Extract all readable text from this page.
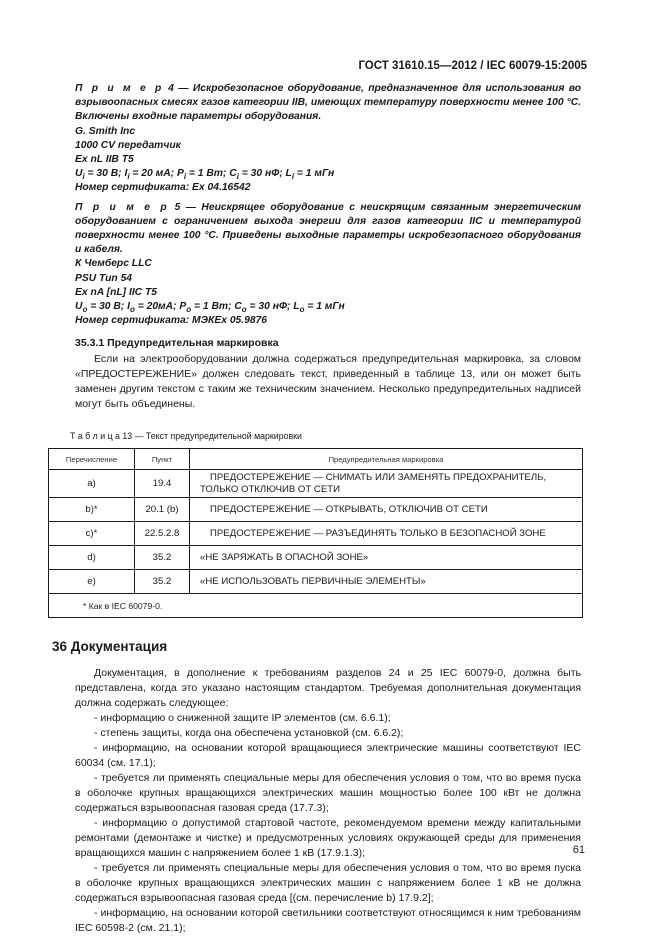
ГОСТ 31610.15—2012 / IEC 60079-15:2005

П р и м е р 4 — Искробезопасное оборудование, предназначенное для использования во взрывоопасных смесях газов категории IIB, имеющих температуру поверхности менее 100 °С. Включены входные параметры оборудования.

G. Smith Inc

1000 CV передатчик

Ex nL IIB T5

$U_i = 30$ В; $I_i = 20$ мА; $P_i = 1$ Вт; $C_i = 30$ нФ; $L_i = 1$ мГн

Номер сертификата: Ex 04.16542

П р и м е р 5 — Неискрящее оборудование с неискрящим связанным энергетическим оборудованием с ограничением выхода энергии для газов категории IIC и температурой поверхности менее 100 °С. Приведены выходные параметры искробезопасного оборудования и кабеля.

К Чемберс LLC

PSU Tun 54

Ex nA [nL] IIC T5

$U_o = 30$ В; $I_o = 20мА$; $P_o = 1$ Вт; $C_o = 30$ нФ; $L_o = 1$ мГн

Номер сертификата: МЭКЕх 05.9876

35.3.1 Предупредительная маркировка

Если на электрооборудовании должна содержаться предупредительная маркировка, за словом «ПРЕДОСТЕРЕЖЕНИЕ» должен следовать текст, приведенный в таблице 13, или он может быть заменен другим текстом с таким же техническим значением. Несколько предупредительных надписей могут быть объединены.

Т а б л и ц а 13 — Текст предупредительной маркировки
Перечисление	Пункт	Предупредительная маркировка
a)	19.4	ПРЕДОСТЕРЕЖЕНИЕ — СНИМАТЬ ИЛИ ЗАМЕНЯТЬ ПРЕДОХРАНИТЕЛЬ, ТОЛЬКО ОТКЛЮЧИВ ОТ СЕТИ
b)*	20.1 (b)	ПРЕДОСТЕРЕЖЕНИЕ — ОТКРЫВАТЬ, ОТКЛЮЧИВ ОТ СЕТИ
c)*	22.5.2.8	ПРЕДОСТЕРЕЖЕНИЕ — РАЗЪЕДИНЯТЬ ТОЛЬКО В БЕЗОПАСНОЙ ЗОНЕ
d)	35.2	«НЕ ЗАРЯЖАТЬ В ОПАСНОЙ ЗОНЕ»
e)	35.2	«НЕ ИСПОЛЬЗОВАТЬ ПЕРВИЧНЫЕ ЭЛЕМЕНТЫ»
* Как в IEC 60079-0.		
36 Документация

Документация, в дополнение к требованиям разделов 24 и 25 IEC 60079-0, должна быть представлена, когда это указано настоящим стандартом. Требуемая дополнительная документация должна содержать следующее:

- информацию о сниженной защите IP элементов (см. 6.6.1);

- степень защиты, когда она обеспечена установкой (см. 6.6.2);

- информацию, на основании которой вращающиеся электрические машины соответствуют IEC 60034 (см. 17.1);

- требуется ли применять специальные меры для обеспечения условия о том, что во время пуска в оболочке крупных вращающихся электрических машин мощностью более 100 кВт не должна содержаться взрывоопасная газовая среда (17.7.3);

- информацию о допустимой стартовой частоте, рекомендуемом времени между капитальными ремонтами (демонтаже и чистке) и предусмотренных условиях окружающей среды для применения вращающихся машин с напряжением более 1 кВ (17.9.1.3);

- требуется ли применять специальные меры для обеспечения условия о том, что во время пуска в оболочке крупных вращающихся электрических машин с напряжением более 1 кВ не должна содержаться взрывоопасная газовая среда [(см. перечисление b) 17.9.2];

- информацию, на основании которой светильники соответствуют относящимся к ним требованиям IEC 60598-2 (см. 21.1);

61
